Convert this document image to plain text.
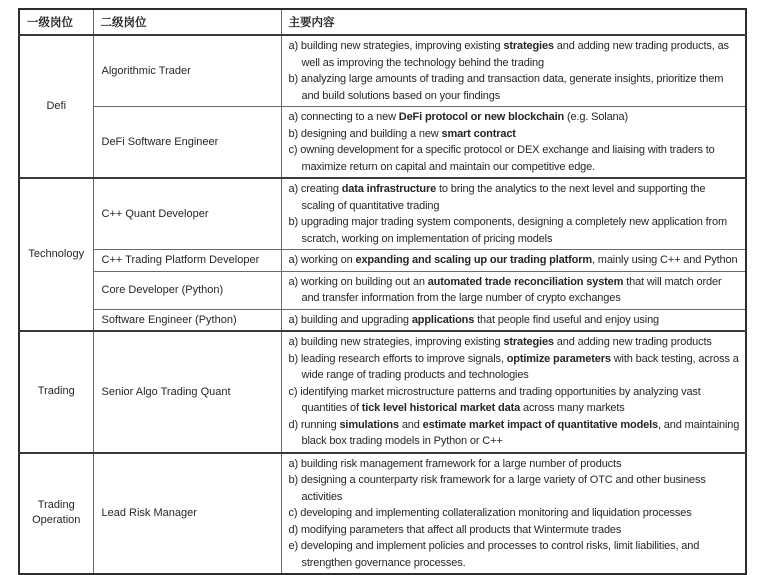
一级岗位	二级岗位	主要内容
Defi	Algorithmic Trader	a) building new strategies, improving existing strategies and adding new trading products, as well as improving the technology behind the trading
b) analyzing large amounts of trading and transaction data, generate insights, prioritize them and build solutions based on your findings

	DeFi Software Engineer	a) connecting to a new DeFi protocol or new blockchain (e.g. Solana)
b) designing and building a new smart contract
c) owning development for a specific protocol or DEX exchange and liaising with traders to maximize return on capital and maintain our competitive edge.

Technology	C++ Quant Developer	a) creating data infrastructure to bring the analytics to the next level and supporting the scaling of quantitative trading
b) upgrading major trading system components, designing a completely new application from scratch, working on implementation of pricing models

	C++ Trading Platform Developer	a) working on expanding and scaling up our trading platform, mainly using C++ and Python

	Core Developer (Python)	a) working on building out an automated trade reconciliation system that will match order and transfer information from the large number of crypto exchanges

	Software Engineer (Python)	a) building and upgrading applications that people find useful and enjoy using

Trading	Senior Algo Trading Quant	a) building new strategies, improving existing strategies and adding new trading products
b) leading research efforts to improve signals, optimize parameters with back testing, across a wide range of trading products and technologies
c) identifying market microstructure patterns and trading opportunities by analyzing vast quantities of tick level historical market data across many markets
d) running simulations and estimate market impact of quantitative models, and maintaining black box trading models in Python or C++

Trading Operation	Lead Risk Manager	a) building risk management framework for a large number of products
b) designing a counterparty risk framework for a large variety of OTC and other business activities
c) developing and implementing collateralization monitoring and liquidation processes
d) modifying parameters that affect all products that Wintermute trades
e) developing and implement policies and processes to control risks, limit liabilities, and strengthen governance processes.
